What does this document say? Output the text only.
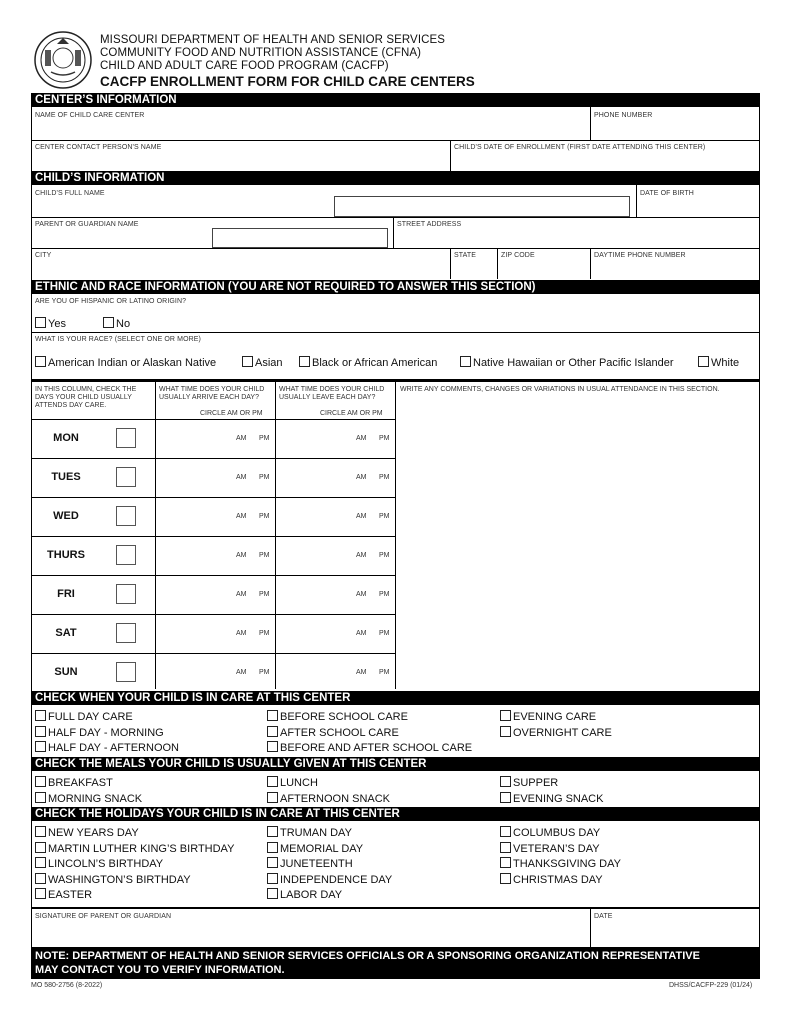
MISSOURI DEPARTMENT OF HEALTH AND SENIOR SERVICES
COMMUNITY FOOD AND NUTRITION ASSISTANCE (CFNA)
CHILD AND ADULT CARE FOOD PROGRAM (CACFP)
CACFP ENROLLMENT FORM FOR CHILD CARE CENTERS
CENTER’S INFORMATION
NAME OF CHILD CARE CENTER	PHONE NUMBER
CENTER CONTACT PERSON'S NAME	CHILD'S DATE OF ENROLLMENT (FIRST DATE ATTENDING THIS CENTER)
CHILD’S INFORMATION
CHILD'S FULL NAME	DATE OF BIRTH
PARENT OR GUARDIAN NAME	STREET ADDRESS
CITY	STATE	ZIP CODE	DAYTIME PHONE NUMBER
ETHNIC AND RACE INFORMATION (YOU ARE NOT REQUIRED TO ANSWER THIS SECTION)
ARE YOU OF HISPANIC OR LATINO ORIGIN?
Yes	No
WHAT IS YOUR RACE? (SELECT ONE OR MORE)
American Indian or Alaskan Native	Asian	Black or African American	Native Hawaiian or Other Pacific Islander	White
IN THIS COLUMN, CHECK THE DAYS YOUR CHILD USUALLY ATTENDS DAY CARE.
WHAT TIME DOES YOUR CHILD USUALLY ARRIVE EACH DAY?
CIRCLE AM OR PM
WHAT TIME DOES YOUR CHILD USUALLY LEAVE EACH DAY?
CIRCLE AM OR PM
WRITE ANY COMMENTS, CHANGES OR VARIATIONS IN USUAL ATTENDANCE IN THIS SECTION.
MON	AM PM	AM PM
TUES	AM PM	AM PM
WED	AM PM	AM PM
THURS	AM PM	AM PM
FRI	AM PM	AM PM
SAT	AM PM	AM PM
SUN	AM PM	AM PM
CHECK WHEN YOUR CHILD IS IN CARE AT THIS CENTER
FULL DAY CARE
HALF DAY - MORNING
HALF DAY - AFTERNOON
BEFORE SCHOOL CARE
AFTER SCHOOL CARE
BEFORE AND AFTER SCHOOL CARE
EVENING CARE
OVERNIGHT CARE
CHECK THE MEALS YOUR CHILD IS USUALLY GIVEN AT THIS CENTER
BREAKFAST
MORNING SNACK
LUNCH
AFTERNOON SNACK
SUPPER
EVENING SNACK
CHECK THE HOLIDAYS YOUR CHILD IS IN CARE AT THIS CENTER
NEW YEARS DAY
MARTIN LUTHER KING’S BIRTHDAY
LINCOLN’S BIRTHDAY
WASHINGTON’S BIRTHDAY
EASTER
TRUMAN DAY
MEMORIAL DAY
JUNETEENTH
INDEPENDENCE DAY
LABOR DAY
COLUMBUS DAY
VETERAN’S DAY
THANKSGIVING DAY
CHRISTMAS DAY
SIGNATURE OF PARENT OR GUARDIAN	DATE
NOTE: DEPARTMENT OF HEALTH AND SENIOR SERVICES OFFICIALS OR A SPONSORING ORGANIZATION REPRESENTATIVE
MAY CONTACT YOU TO VERIFY INFORMATION.
MO 580-2756 (8-2022)	DHSS/CACFP-229 (01/24)
